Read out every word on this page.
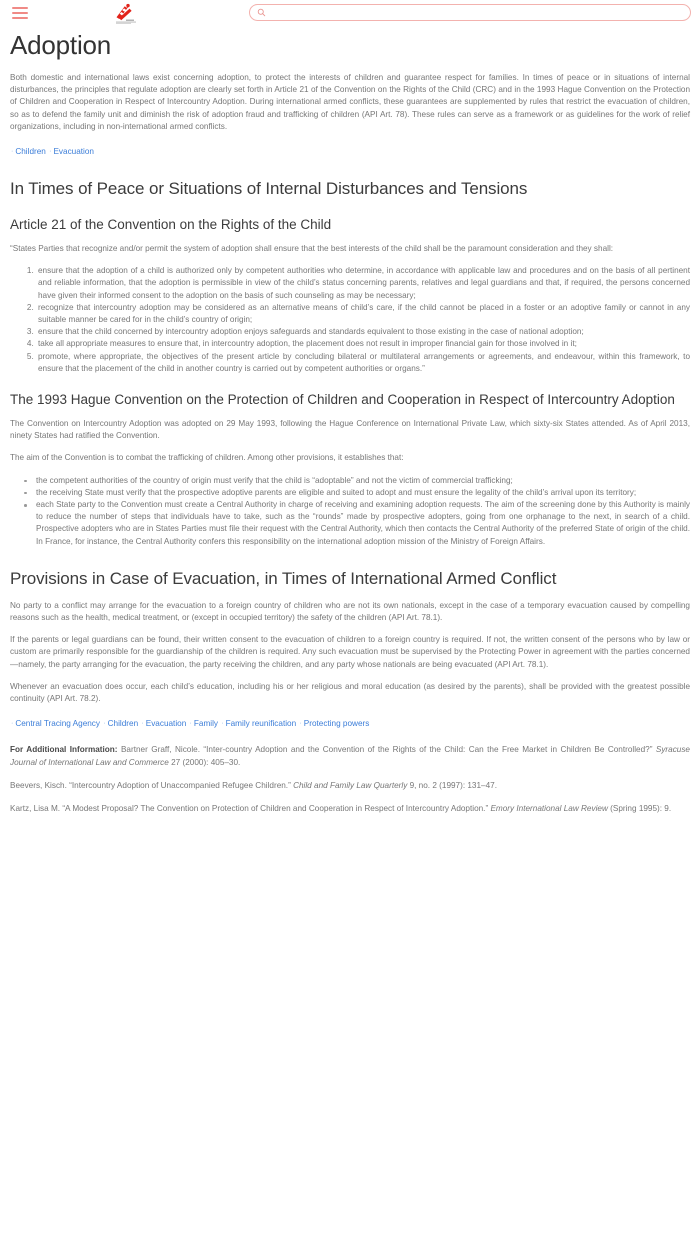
Adoption

Both domestic and international laws exist concerning adoption, to protect the interests of children and guarantee respect for families. In times of peace or in situations of internal disturbances, the principles that regulate adoption are clearly set forth in Article 21 of the Convention on the Rights of the Child (CRC) and in the 1993 Hague Convention on the Protection of Children and Cooperation in Respect of Intercountry Adoption. During international armed conflicts, these guarantees are supplemented by rules that restrict the evacuation of children, so as to defend the family unit and diminish the risk of adoption fraud and trafficking of children (API Art. 78). These rules can serve as a framework or as guidelines for the work of relief organizations, including in non-international armed conflicts.

· Children · Evacuation
In Times of Peace or Situations of Internal Disturbances and Tensions
Article 21 of the Convention on the Rights of the Child

“States Parties that recognize and/or permit the system of adoption shall ensure that the best interests of the child shall be the paramount consideration and they shall:

1. ensure that the adoption of a child is authorized only by competent authorities who determine, in accordance with applicable law and procedures and on the basis of all pertinent and reliable information, that the adoption is permissible in view of the child’s status concerning parents, relatives and legal guardians and that, if required, the persons concerned have given their informed consent to the adoption on the basis of such counseling as may be necessary;
2. recognize that intercountry adoption may be considered as an alternative means of child’s care, if the child cannot be placed in a foster or an adoptive family or cannot in any suitable manner be cared for in the child’s country of origin;
3. ensure that the child concerned by intercountry adoption enjoys safeguards and standards equivalent to those existing in the case of national adoption;
4. take all appropriate measures to ensure that, in intercountry adoption, the placement does not result in improper financial gain for those involved in it;
5. promote, where appropriate, the objectives of the present article by concluding bilateral or multilateral arrangements or agreements, and endeavour, within this framework, to ensure that the placement of the child in another country is carried out by competent authorities or organs.”
The 1993 Hague Convention on the Protection of Children and Cooperation in Respect of Intercountry Adoption

The Convention on Intercountry Adoption was adopted on 29 May 1993, following the Hague Conference on International Private Law, which sixty-six States attended. As of April 2013, ninety States had ratified the Convention.

The aim of the Convention is to combat the trafficking of children. Among other provisions, it establishes that:

the competent authorities of the country of origin must verify that the child is “adoptable” and not the victim of commercial trafficking;
the receiving State must verify that the prospective adoptive parents are eligible and suited to adopt and must ensure the legality of the child’s arrival upon its territory;
each State party to the Convention must create a Central Authority in charge of receiving and examining adoption requests. The aim of the screening done by this Authority is mainly to reduce the number of steps that individuals have to take, such as the “rounds” made by prospective adopters, going from one orphanage to the next, in search of a child. Prospective adopters who are in States Parties must file their request with the Central Authority, which then contacts the Central Authority of the preferred State of origin of the child. In France, for instance, the Central Authority confers this responsibility on the international adoption mission of the Ministry of Foreign Affairs.
Provisions in Case of Evacuation, in Times of International Armed Conflict

No party to a conflict may arrange for the evacuation to a foreign country of children who are not its own nationals, except in the case of a temporary evacuation caused by compelling reasons such as the health, medical treatment, or (except in occupied territory) the safety of the children (API Art. 78.1).

If the parents or legal guardians can be found, their written consent to the evacuation of children to a foreign country is required. If not, the written consent of the persons who by law or custom are primarily responsible for the guardianship of the children is required. Any such evacuation must be supervised by the Protecting Power in agreement with the parties concerned—namely, the party arranging for the evacuation, the party receiving the children, and any party whose nationals are being evacuated (API Art. 78.1).

Whenever an evacuation does occur, each child’s education, including his or her religious and moral education (as desired by the parents), shall be provided with the greatest possible continuity (API Art. 78.2).

· Central Tracing Agency · Children · Evacuation · Family · Family reunification · Protecting powers

For Additional Information: Bartner Graff, Nicole. “Inter-country Adoption and the Convention of the Rights of the Child: Can the Free Market in Children Be Controlled?” Syracuse Journal of International Law and Commerce 27 (2000): 405–30.

Beevers, Kisch. “Intercountry Adoption of Unaccompanied Refugee Children.” Child and Family Law Quarterly 9, no. 2 (1997): 131–47.

Kartz, Lisa M. “A Modest Proposal? The Convention on Protection of Children and Cooperation in Respect of Intercountry Adoption.” Emory International Law Review (Spring 1995): 9.
